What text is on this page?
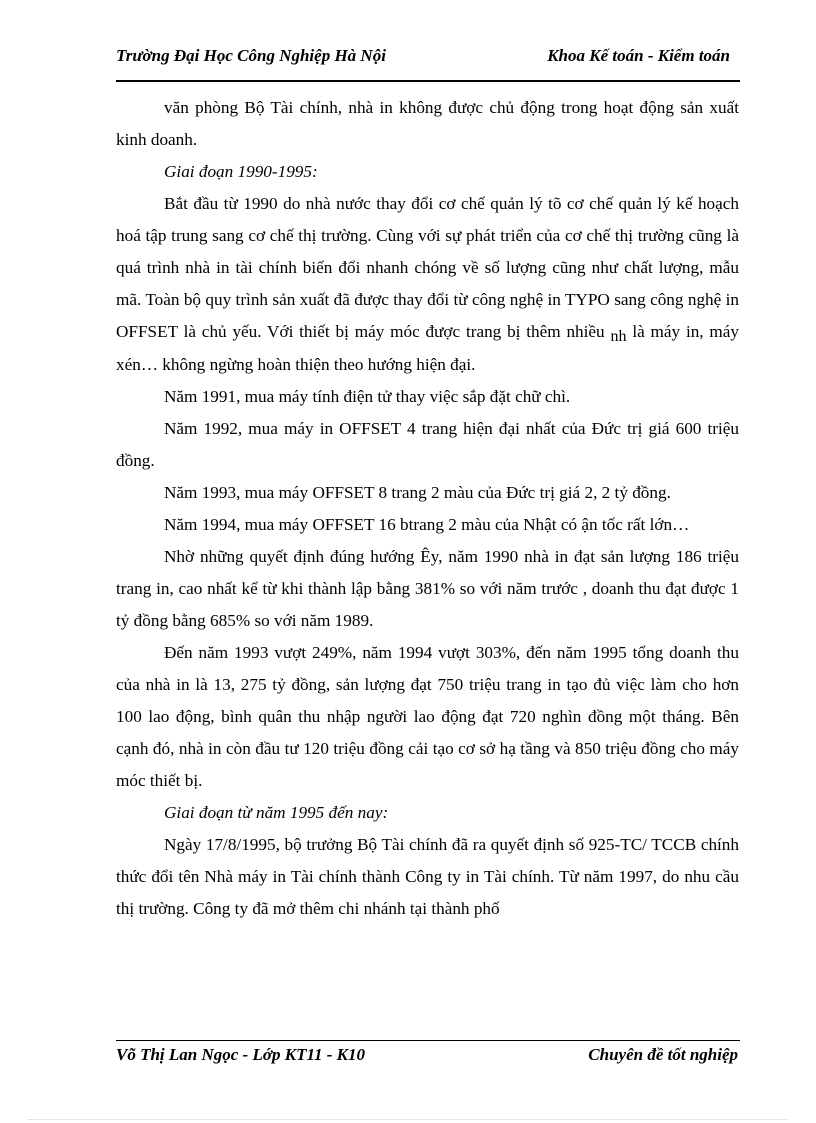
Trường Đại Học Công Nghiệp Hà Nội	Khoa Kế toán - Kiểm toán

văn phòng Bộ Tài chính, nhà in không được chủ động trong hoạt động sản xuất kinh doanh.

Giai đoạn 1990-1995:

Bắt đầu từ 1990 do nhà nước thay đổi cơ chế quản lý tõ cơ chế quản lý kế hoạch hoá tập trung sang cơ chế thị trường. Cùng với sự phát triển của cơ chế thị trường cũng là quá trình nhà in tài chính biến đổi nhanh chóng về số lượng cũng như chất lượng, mẫu mã. Toàn bộ quy trình sản xuất đã được thay đổi từ công nghệ in TYPO sang công nghệ in OFFSET là chủ yếu. Với thiết bị máy móc được trang bị thêm nhiều nh là máy in, máy xén… không ngừng hoàn thiện theo hướng hiện đại.

Năm 1991, mua máy tính điện tử thay việc sắp đặt chữ chì.

Năm 1992, mua máy in OFFSET 4 trang hiện đại nhất của Đức trị giá 600 triệu đồng.

Năm 1993, mua máy OFFSET 8 trang 2 màu của Đức trị giá 2, 2 tỷ đồng.

Năm 1994, mua máy OFFSET 16 btrang 2 màu của Nhật có ận tốc rất lớn…

Nhờ những quyết định đúng hướng Êy, năm 1990 nhà in đạt sản lượng 186 triệu trang in, cao nhất kể từ khi thành lập bằng 381% so với năm trước , doanh thu đạt được 1 tỷ đồng bằng 685% so với năm 1989.

Đến năm 1993 vượt 249%, năm 1994 vượt 303%, đến năm 1995 tổng doanh thu của nhà in là 13, 275 tỷ đồng, sản lượng đạt 750 triệu trang in tạo đủ việc làm cho hơn 100 lao động, bình quân thu nhập người lao động đạt 720 nghìn đồng một tháng. Bên cạnh đó, nhà in còn đầu tư 120 triệu đồng cải tạo cơ sở hạ tầng và 850 triệu đồng cho máy móc thiết bị.

Giai đoạn từ năm 1995 đến nay:

Ngày 17/8/1995, bộ trưởng Bộ Tài chính đã ra quyết định số 925-TC/ TCCB chính thức đổi tên Nhà máy in Tài chính thành Công ty in Tài chính. Từ năm 1997, do nhu cầu thị trường. Công ty đã mở thêm chi nhánh tại thành phố

Võ Thị Lan Ngọc - Lớp KT11 - K10	Chuyên đề tốt nghiệp
